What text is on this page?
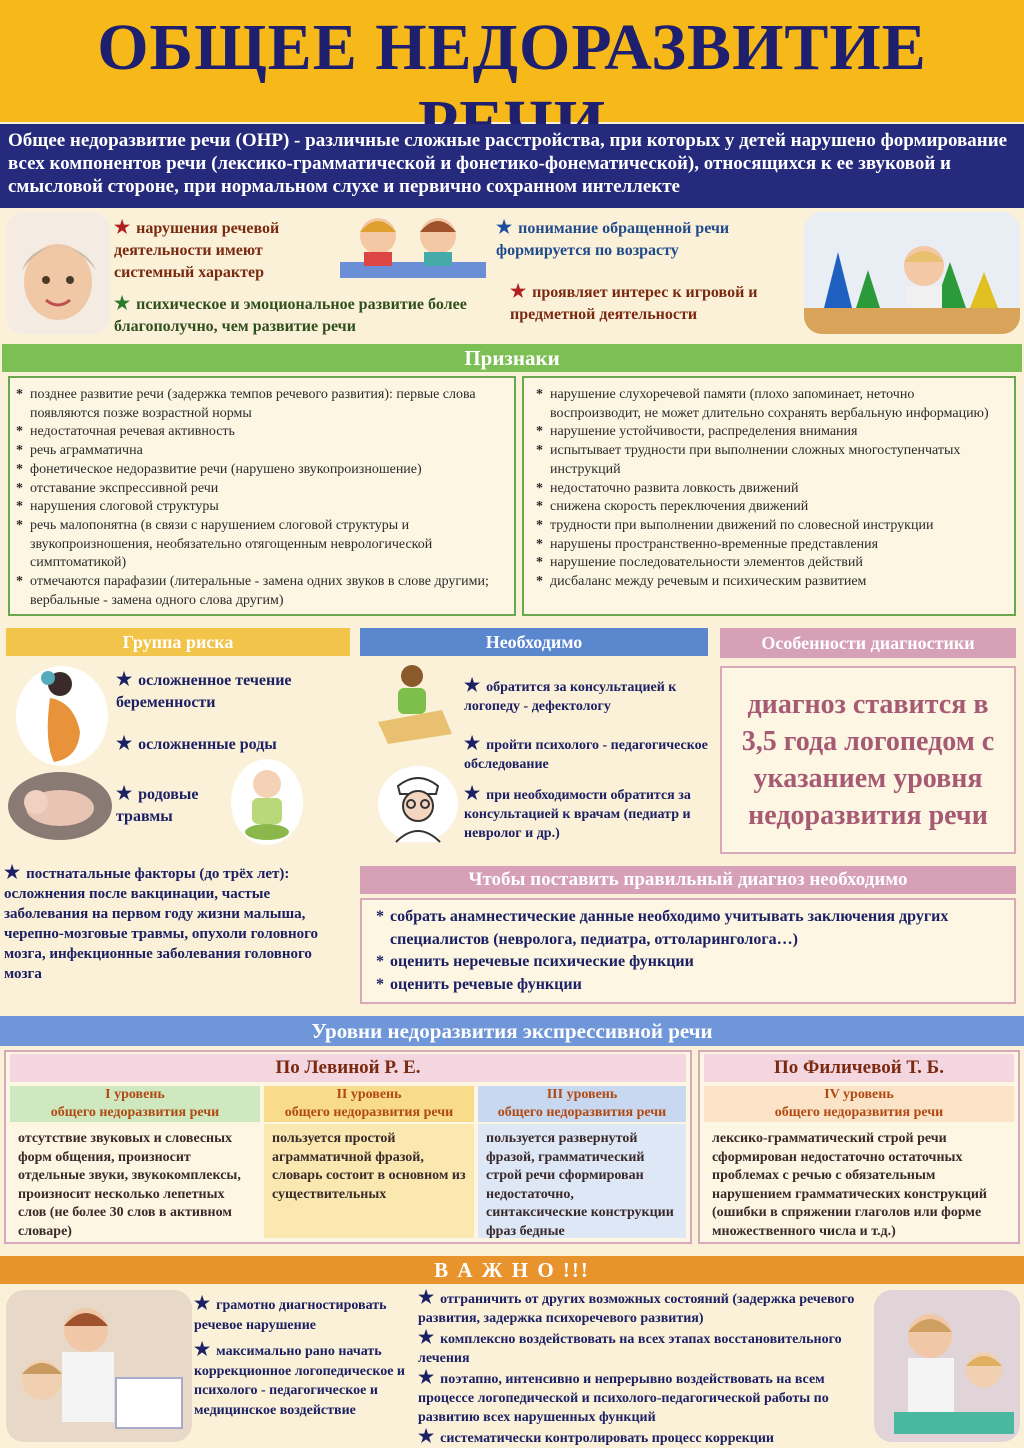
ОБЩЕЕ НЕДОРАЗВИТИЕ
Общее недоразвитие речи (ОНР) - различные сложные расстройства, при которых у детей нарушено формирование всех компонентов речи (лексико-грамматической и фонетико-фонематической), относящихся к ее звуковой и смысловой стороне, при нормальном слухе и первично сохранном интеллекте
★ нарушения речевой деятельности имеют системный характер
★ психическое и эмоциональное развитие более благополучно, чем развитие речи
★ понимание обращенной речи формируется по возрасту
★ проявляет интерес к игровой и предметной деятельности
Признаки
* позднее развитие речи (задержка темпов речевого развития): первые слова появляются позже возрастной нормы
* недостаточная речевая активность
* речь аграмматична
* фонетическое недоразвитие речи (нарушено звукопроизношение)
* отставание экспрессивной речи
* нарушения слоговой структуры
* речь малопонятна (в связи с нарушением слоговой структуры и звукопроизношения, необязательно отягощенным неврологической симптоматикой)
* отмечаются парафазии (литеральные - замена одних звуков в слове другими; вербальные - замена одного слова другим)
* нарушение слухоречевой памяти (плохо запоминает, неточно воспроизводит, не может длительно сохранять вербальную информацию)
* нарушение устойчивости, распределения внимания
* испытывает трудности при выполнении сложных многоступенчатых инструкций
* недостаточно развита ловкость движений
* снижена скорость переключения движений
* трудности при выполнении движений по словесной инструкции
* нарушены пространственно-временные представления
* нарушение последовательности элементов действий
* дисбаланс между речевым и психическим развитием
Группа риска
★ осложненное течение беременности
★ осложненные роды
★ родовые травмы
★ постнатальные факторы (до трёх лет): осложнения после вакцинации, частые заболевания на первом году жизни малыша, черепно-мозговые травмы, опухоли головного мозга, инфекционные заболевания головного мозга
Необходимо
★ обратится за консультацией к логопеду - дефектологу
★ пройти психолого - педагогическое обследование
★ при необходимости обратится за консультацией к врачам (педиатр и невролог и др.)
Особенности диагностики
диагноз ставится в 3,5 года логопедом с указанием уровня недоразвития речи
Чтобы поставить правильный диагноз необходимо
* собрать анамнестические данные необходимо учитывать заключения других специалистов (невролога, педиатра, оттоларинголога…)
* оценить неречевые психические функции
* оценить речевые функции
Уровни недоразвития экспрессивной речи
По Левиной Р. Е.	По Филичевой Т. Б.
I уровень
общего недоразвития речи
отсутствие звуковых и словесных форм общения, произносит отдельные звуки, звукокомплексы, произносит несколько лепетных слов (не более 30 слов в активном словаре)
II уровень
общего недоразвития речи
пользуется простой аграмматичной фразой, словарь состоит в основном из существительных
III уровень
общего недоразвития речи
пользуется развернутой фразой, грамматический строй речи сформирован недостаточно, синтаксические конструкции фраз бедные
IV уровень
общего недоразвития речи
лексико-грамматический строй речи сформирован недостаточно остаточных проблемах с речью с обязательным нарушением грамматических конструкций (ошибки в спряжении глаголов или форме множественного числа и т.д.)
В А Ж Н О !!!
★ грамотно диагностировать речевое нарушение
★ максимально рано начать коррекционное логопедическое и психолого - педагогическое и медицинское воздействие
★ отграничить от других возможных состояний (задержка речевого развития, задержка психоречевого развития)
★ комплексно воздействовать на всех этапах восстановительного лечения
★ поэтапно, интенсивно и непрерывно воздействовать на всем процессе логопедической и психолого-педагогической работы по развитию всех нарушенных функций
★ систематически контролировать процесс коррекции
